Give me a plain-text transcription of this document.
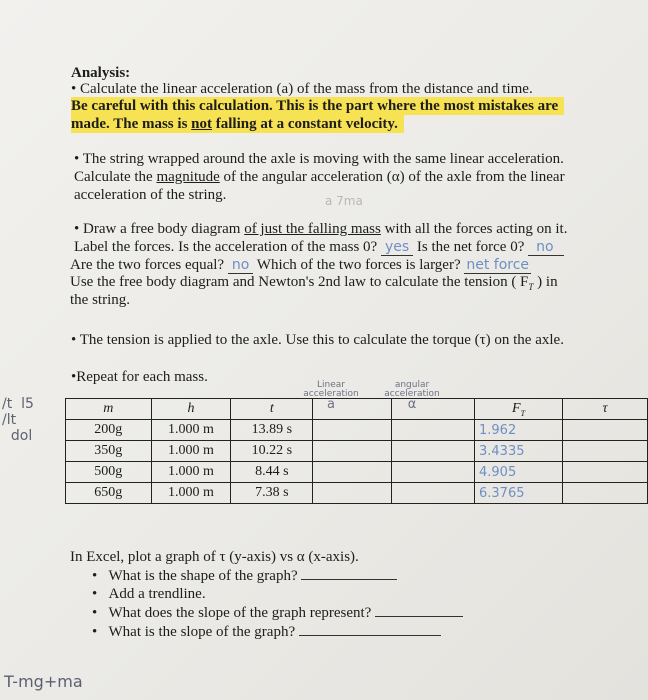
Analysis:
• Calculate the linear acceleration (a) of the mass from the distance and time.
Be careful with this calculation. This is the part where the most mistakes are
made. The mass is not falling at a constant velocity.
• The string wrapped around the axle is moving with the same linear acceleration.
Calculate the magnitude of the angular acceleration (α) of the axle from the linear
acceleration of the string.	a 7ma
• Draw a free body diagram of just the falling mass with all the forces acting on it.
Label the forces. Is the acceleration of the mass 0? yes Is the net force 0? no
Are the two forces equal? no Which of the two forces is larger? net force
Use the free body diagram and Newton's 2nd law to calculate the tension ( $F_T$ ) in
the string.
• The tension is applied to the axle. Use this to calculate the torque (τ) on the axle.
•Repeat for each mass.	Linear acceleration
a
angular acceleration
α
/t  l5
/lt
dol
m	h	t			$F_T$	τ
200g	1.000 m	13.89 s			1.962	
350g	1.000 m	10.22 s			3.4335	
500g	1.000 m	8.44 s			4.905	
650g	1.000 m	7.38 s			6.3765	
In Excel, plot a graph of τ (y-axis) vs α (x-axis).
•   What is the shape of the graph?
•   Add a trendline.
•   What does the slope of the graph represent?
•   What is the slope of the graph?
T-mg+ma
